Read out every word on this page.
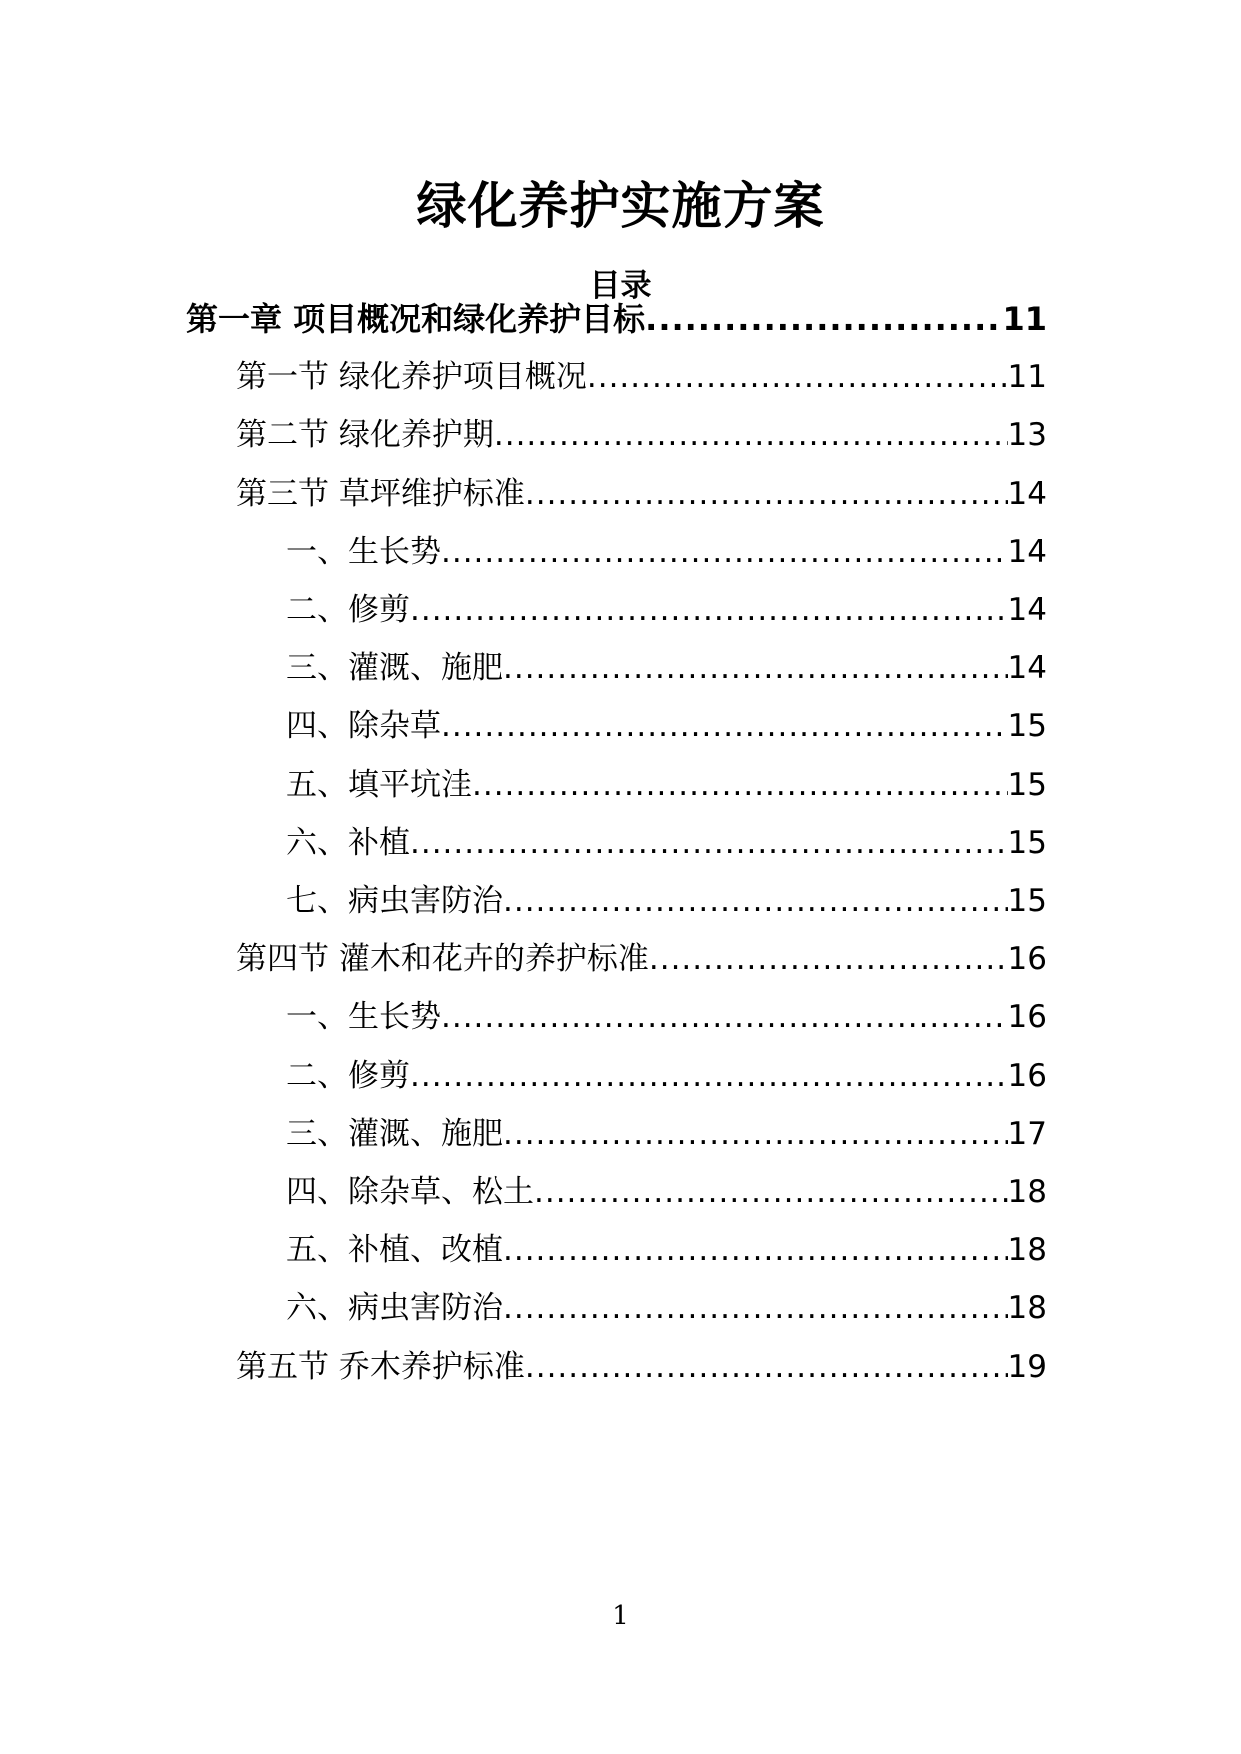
绿化养护实施方案
目录
第一章 项目概况和绿化养护目标 .....	11
第一节 绿化养护项目概况 .....	11
第二节 绿化养护期 .....	13
第三节 草坪维护标准 .....	14
一、生长势 .....	14
二、修剪 .....	14
三、灌溉、施肥 .....	14
四、除杂草 .....	15
五、填平坑洼 .....	15
六、补植 .....	15
七、病虫害防治 .....	15
第四节 灌木和花卉的养护标准 .....	16
一、生长势 .....	16
二、修剪 .....	16
三、灌溉、施肥 .....	17
四、除杂草、松土 .....	18
五、补植、改植 .....	18
六、病虫害防治 .....	18
第五节 乔木养护标准 .....	19
1
